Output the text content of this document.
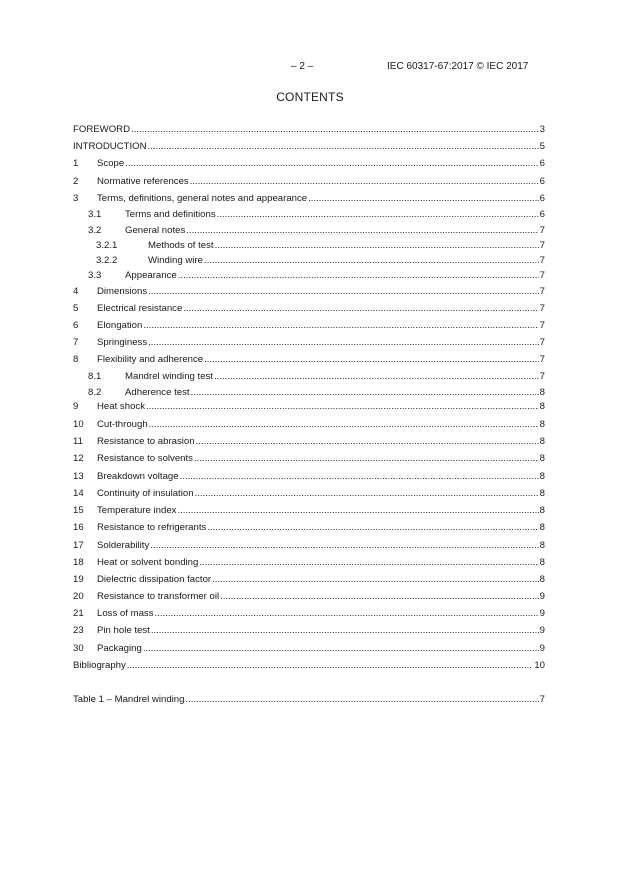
– 2 –	IEC 60317-67:2017 © IEC 2017
CONTENTS
FOREWORD .....	3
INTRODUCTION .....	5
1	Scope .....	6
2	Normative references .....	6
3	Terms, definitions, general notes and appearance .....	6
3.1	Terms and definitions .....	6
3.2	General notes .....	7
3.2.1	Methods of test .....	7
3.2.2	Winding wire .....	7
3.3	Appearance .....	7
4	Dimensions .....	7
5	Electrical resistance .....	7
6	Elongation .....	7
7	Springiness .....	7
8	Flexibility and adherence .....	7
8.1	Mandrel winding test .....	7
8.2	Adherence test .....	8
9	Heat shock .....	8
10	Cut-through .....	8
11	Resistance to abrasion .....	8
12	Resistance to solvents .....	8
13	Breakdown voltage .....	8
14	Continuity of insulation .....	8
15	Temperature index .....	8
16	Resistance to refrigerants .....	8
17	Solderability .....	8
18	Heat or solvent bonding .....	8
19	Dielectric dissipation factor .....	8
20	Resistance to transformer oil .....	9
21	Loss of mass .....	9
23	Pin hole test .....	9
30	Packaging .....	9
Bibliography .....	10
Table 1 – Mandrel winding .....	7
